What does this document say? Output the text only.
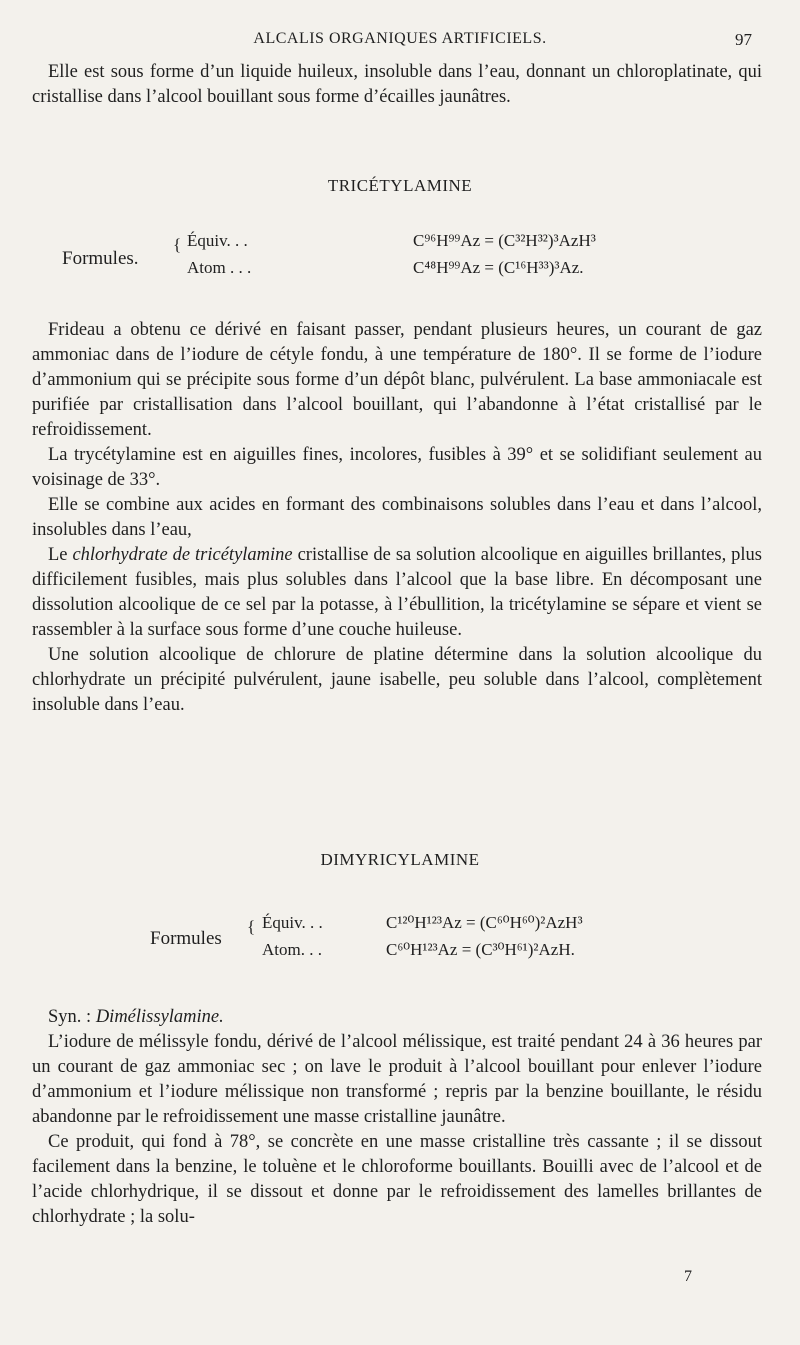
ALCALIS ORGANIQUES ARTIFICIELS.	97

Elle est sous forme d’un liquide huileux, insoluble dans l’eau, donnant un chloroplatinate, qui cristallise dans l’alcool bouillant sous forme d’écailles jaunâtres.

TRICÉTYLAMINE
Formules.
{ Équiv. . .	C⁹⁶H⁹⁹Az = (C³²H³²)³AzH³
Atom . . .	C⁴⁸H⁹⁹Az = (C¹⁶H³³)³Az.

Frideau a obtenu ce dérivé en faisant passer, pendant plusieurs heures, un courant de gaz ammoniac dans de l’iodure de cétyle fondu, à une température de 180°. Il se forme de l’iodure d’ammonium qui se précipite sous forme d’un dépôt blanc, pulvérulent. La base ammoniacale est purifiée par cristallisation dans l’alcool bouillant, qui l’abandonne à l’état cristallisé par le refroidissement.

La trycétylamine est en aiguilles fines, incolores, fusibles à 39° et se solidifiant seulement au voisinage de 33°.

Elle se combine aux acides en formant des combinaisons solubles dans l’eau et dans l’alcool, insolubles dans l’eau,

Le chlorhydrate de tricétylamine cristallise de sa solution alcoolique en aiguilles brillantes, plus difficilement fusibles, mais plus solubles dans l’alcool que la base libre. En décomposant une dissolution alcoolique de ce sel par la potasse, à l’ébullition, la tricétylamine se sépare et vient se rassembler à la surface sous forme d’une couche huileuse.

Une solution alcoolique de chlorure de platine détermine dans la solution alcoolique du chlorhydrate un précipité pulvérulent, jaune isabelle, peu soluble dans l’alcool, complètement insoluble dans l’eau.

DIMYRICYLAMINE
Formules
{ Équiv. . .	C¹²⁰H¹²³Az = (C⁶⁰H⁶⁰)²AzH³
Atom. . .	C⁶⁰H¹²³Az = (C³⁰H⁶¹)²AzH.

Syn. : Dimélissylamine.

L’iodure de mélissyle fondu, dérivé de l’alcool mélissique, est traité pendant 24 à 36 heures par un courant de gaz ammoniac sec ; on lave le produit à l’alcool bouillant pour enlever l’iodure d’ammonium et l’iodure mélissique non transformé ; repris par la benzine bouillante, le résidu abandonne par le refroidissement une masse cristalline jaunâtre.

Ce produit, qui fond à 78°, se concrète en une masse cristalline très cassante ; il se dissout facilement dans la benzine, le toluène et le chloroforme bouillants. Bouilli avec de l’alcool et de l’acide chlorhydrique, il se dissout et donne par le refroidissement des lamelles brillantes de chlorhydrate ; la solu-

7
